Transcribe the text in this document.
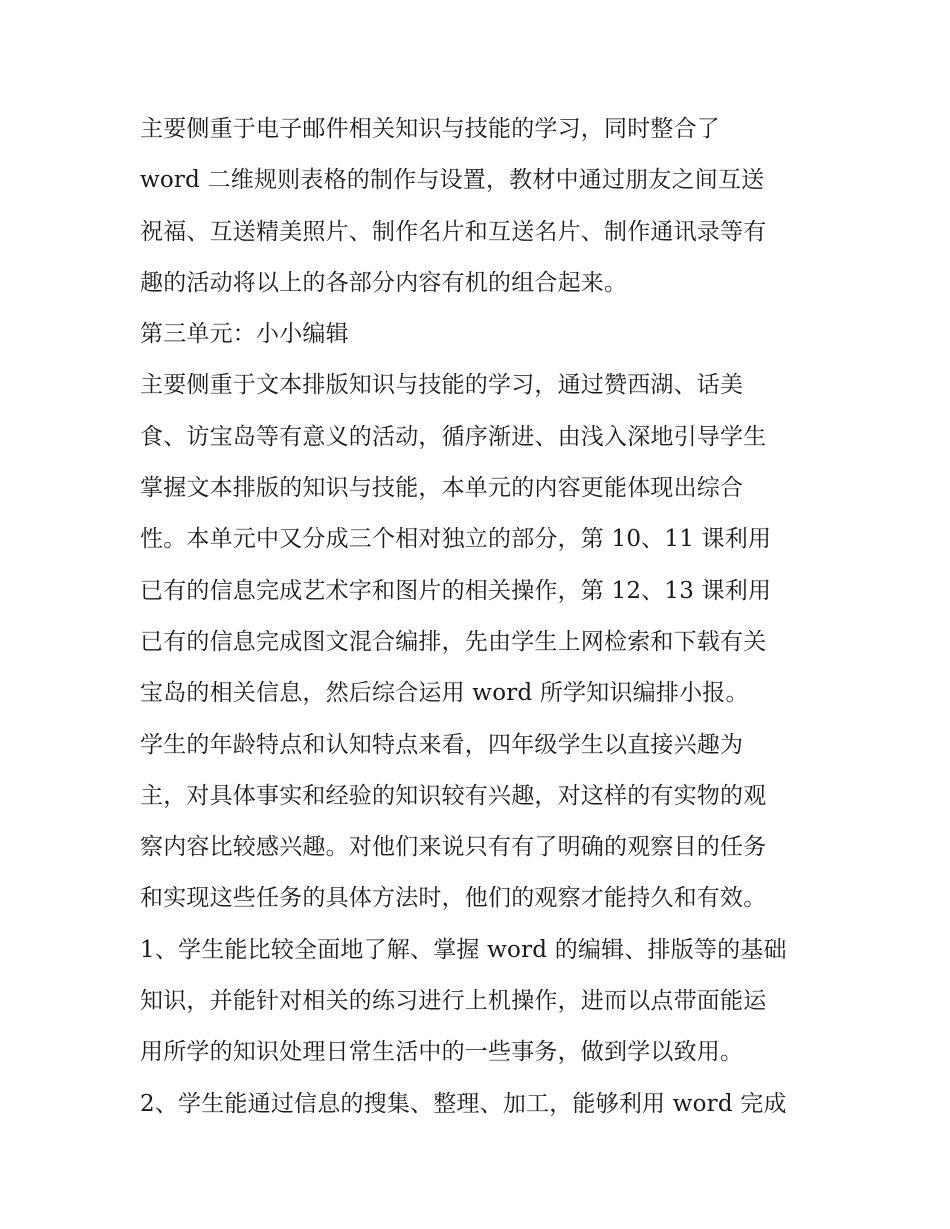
主要侧重于电子邮件相关知识与技能的学习，同时整合了
word 二维规则表格的制作与设置，教材中通过朋友之间互送
祝福、互送精美照片、制作名片和互送名片、制作通讯录等有
趣的活动将以上的各部分内容有机的组合起来。
第三单元：小小编辑
主要侧重于文本排版知识与技能的学习，通过赞西湖、话美
食、访宝岛等有意义的活动，循序渐进、由浅入深地引导学生
掌握文本排版的知识与技能，本单元的内容更能体现出综合
性。本单元中又分成三个相对独立的部分，第 10、11 课利用
已有的信息完成艺术字和图片的相关操作，第 12、13 课利用
已有的信息完成图文混合编排，先由学生上网检索和下载有关
宝岛的相关信息，然后综合运用 word 所学知识编排小报。
学生的年龄特点和认知特点来看，四年级学生以直接兴趣为
主，对具体事实和经验的知识较有兴趣，对这样的有实物的观
察内容比较感兴趣。对他们来说只有有了明确的观察目的任务
和实现这些任务的具体方法时，他们的观察才能持久和有效。
1、学生能比较全面地了解、掌握 word 的编辑、排版等的基础
知识，并能针对相关的练习进行上机操作，进而以点带面能运
用所学的知识处理日常生活中的一些事务，做到学以致用。
2、学生能通过信息的搜集、整理、加工，能够利用 word 完成
